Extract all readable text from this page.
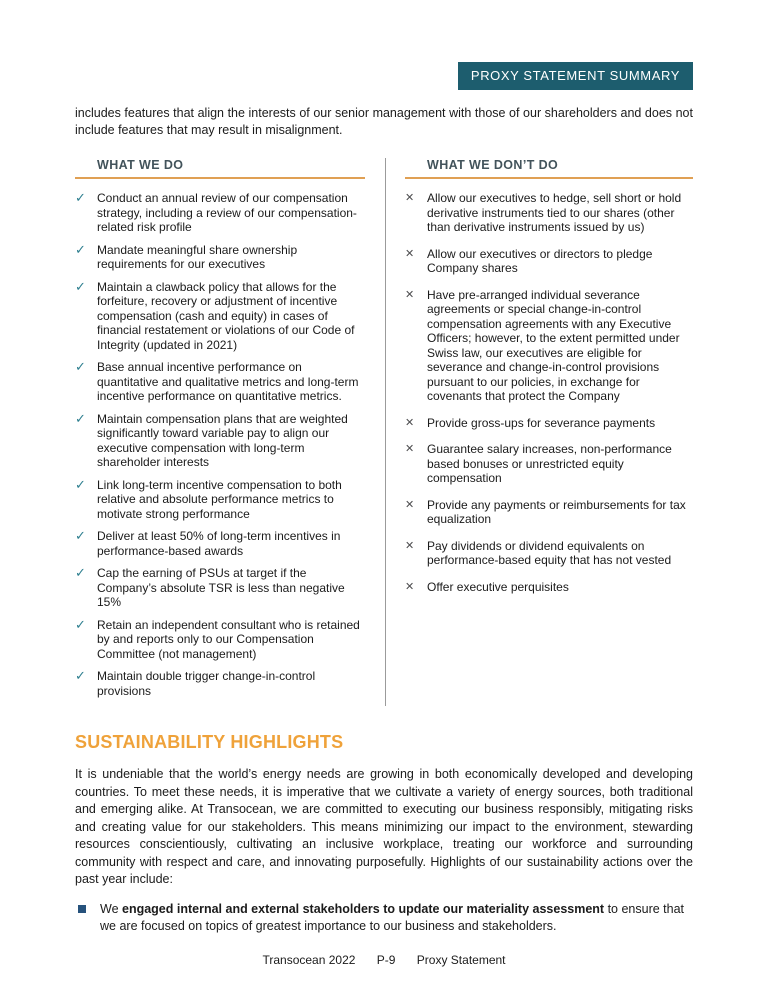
PROXY STATEMENT SUMMARY

includes features that align the interests of our senior management with those of our shareholders and does not include features that may result in misalignment.

WHAT WE DO
✓ Conduct an annual review of our compensation strategy, including a review of our compensation-related risk profile
✓ Mandate meaningful share ownership requirements for our executives
✓ Maintain a clawback policy that allows for the forfeiture, recovery or adjustment of incentive compensation (cash and equity) in cases of financial restatement or violations of our Code of Integrity (updated in 2021)
✓ Base annual incentive performance on quantitative and qualitative metrics and long-term incentive performance on quantitative metrics.
✓ Maintain compensation plans that are weighted significantly toward variable pay to align our executive compensation with long-term shareholder interests
✓ Link long-term incentive compensation to both relative and absolute performance metrics to motivate strong performance
✓ Deliver at least 50% of long-term incentives in performance-based awards
✓ Cap the earning of PSUs at target if the Company’s absolute TSR is less than negative 15%
✓ Retain an independent consultant who is retained by and reports only to our Compensation Committee (not management)
✓ Maintain double trigger change-in-control provisions
WHAT WE DON’T DO
✕	Allow our executives to hedge, sell short or hold derivative instruments tied to our shares (other than derivative instruments issued by us)
✕	Allow our executives or directors to pledge Company shares
✕	Have pre-arranged individual severance agreements or special change-in-control compensation agreements with any Executive Officers; however, to the extent permitted under Swiss law, our executives are eligible for severance and change-in-control provisions pursuant to our policies, in exchange for covenants that protect the Company
✕	Provide gross-ups for severance payments
✕	Guarantee salary increases, non-performance based bonuses or unrestricted equity compensation
✕	Provide any payments or reimbursements for tax equalization
✕	Pay dividends or dividend equivalents on performance-based equity that has not vested
✕	Offer executive perquisites
SUSTAINABILITY HIGHLIGHTS

It is undeniable that the world’s energy needs are growing in both economically developed and developing countries. To meet these needs, it is imperative that we cultivate a variety of energy sources, both traditional and emerging alike. At Transocean, we are committed to executing our business responsibly, mitigating risks and creating value for our stakeholders. This means minimizing our impact to the environment, stewarding resources conscientiously, cultivating an inclusive workplace, treating our workforce and surrounding community with respect and care, and innovating purposefully. Highlights of our sustainability actions over the past year include:

We engaged internal and external stakeholders to update our materiality assessment to ensure that we are focused on topics of greatest importance to our business and stakeholders.

Transocean 2022 P-9 Proxy Statement
